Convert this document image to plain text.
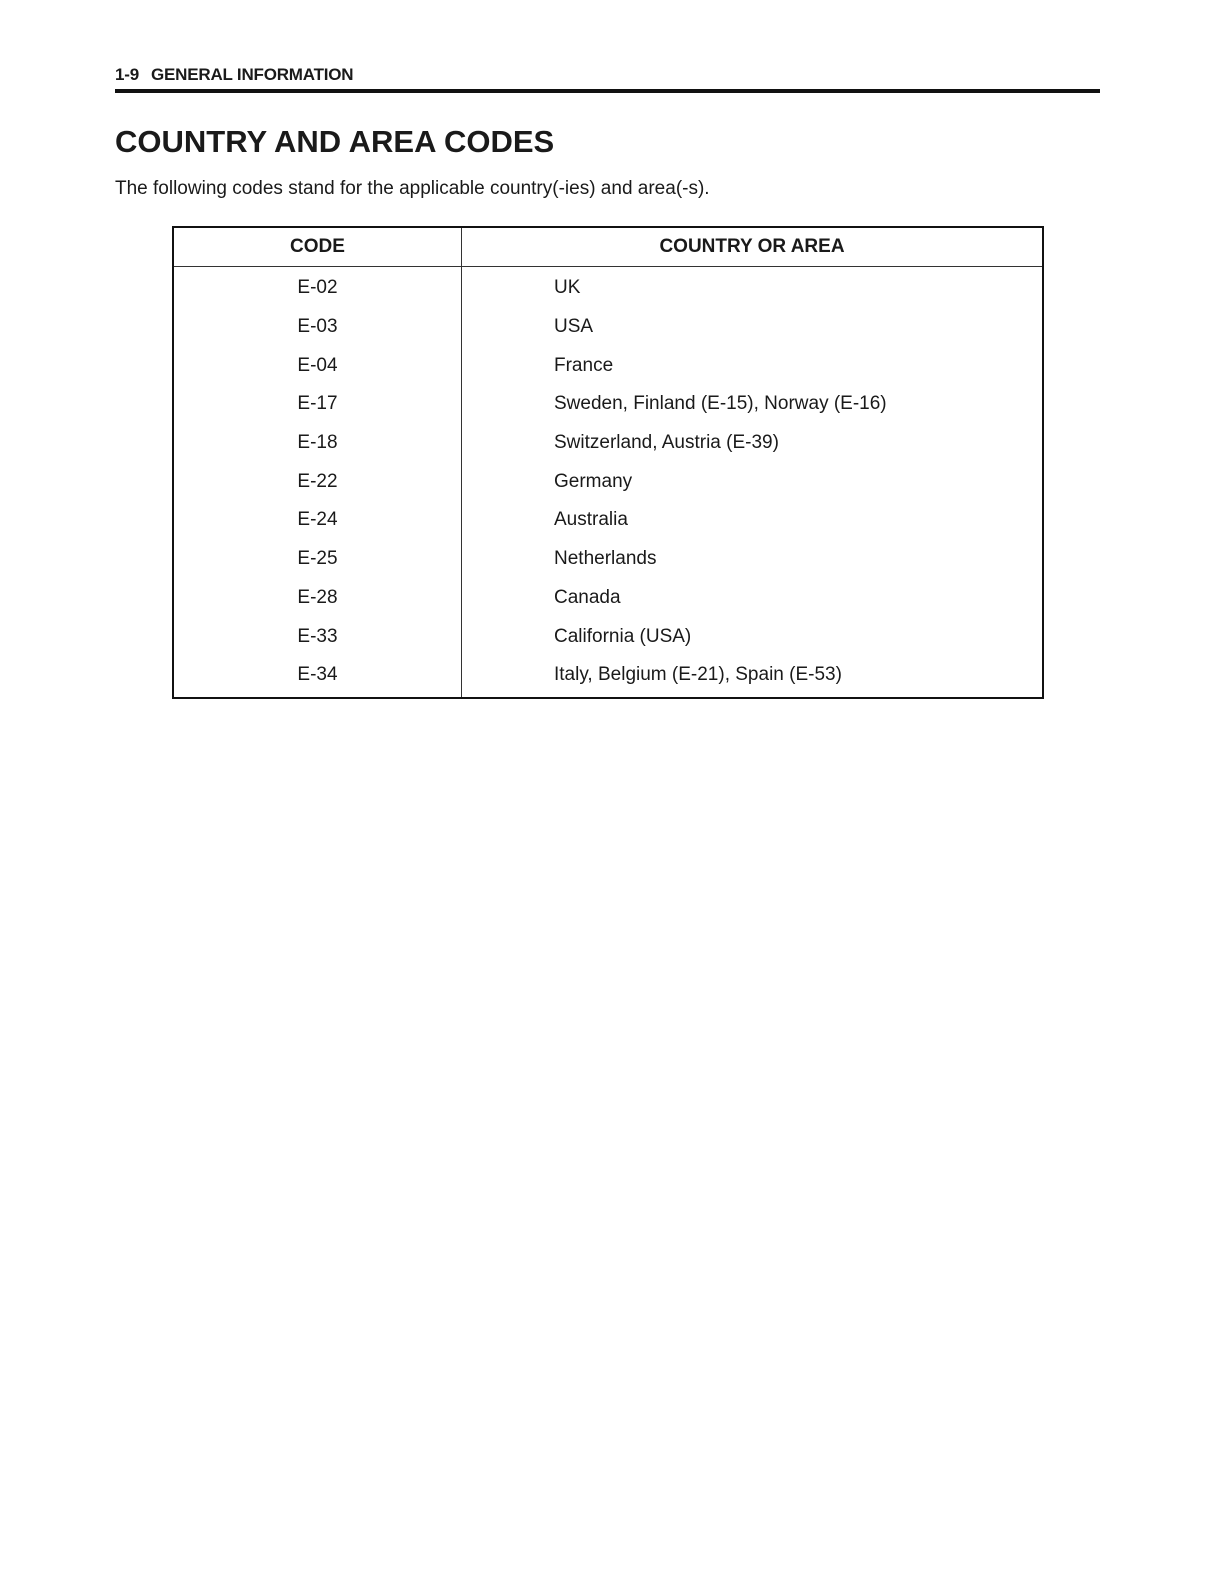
1-9 GENERAL INFORMATION
COUNTRY AND AREA CODES

The following codes stand for the applicable country(-ies) and area(-s).

CODE	COUNTRY OR AREA
E-02	UK
E-03	USA
E-04	France
E-17	Sweden, Finland (E-15), Norway (E-16)
E-18	Switzerland, Austria (E-39)
E-22	Germany
E-24	Australia
E-25	Netherlands
E-28	Canada
E-33	California (USA)
E-34	Italy, Belgium (E-21), Spain (E-53)
